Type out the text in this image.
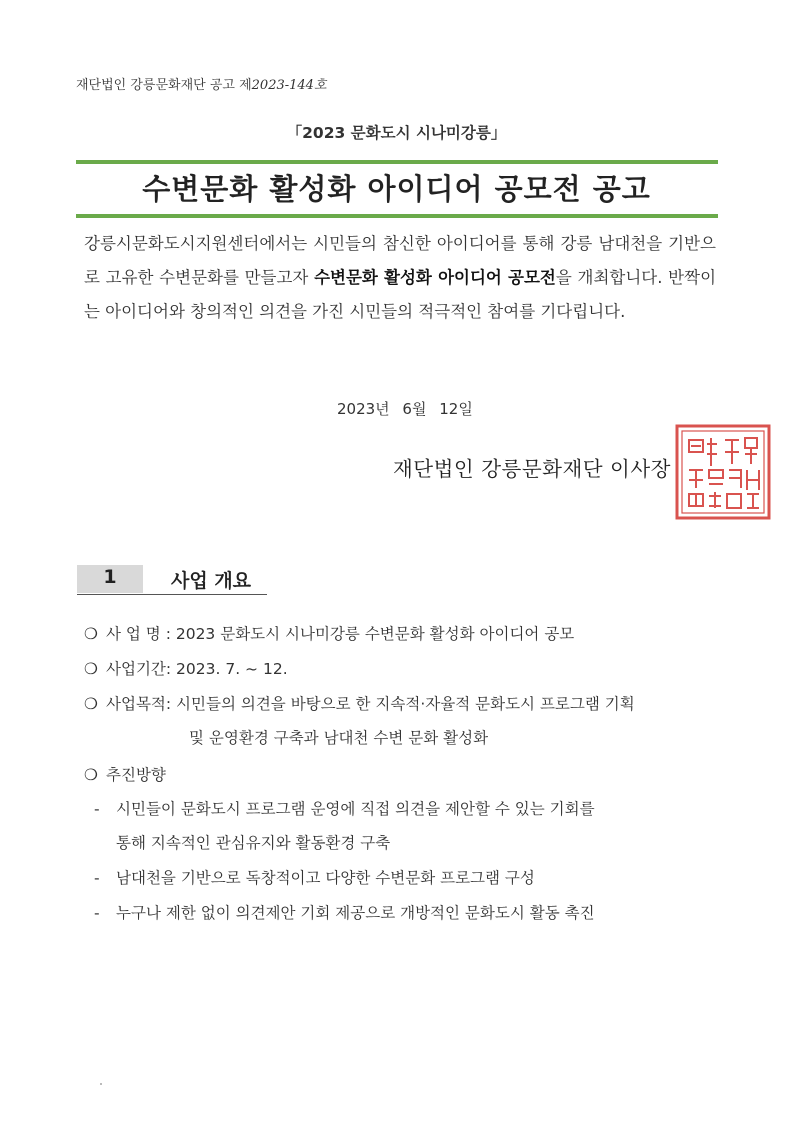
재단법인 강릉문화재단 공고 제2023-144호
「2023 문화도시 시나미강릉」
수변문화 활성화 아이디어 공모전 공고

강릉시문화도시지원센터에서는 시민들의 참신한 아이디어를 통해 강릉 남대천을 기반으로 고유한 수변문화를 만들고자 수변문화 활성화 아이디어 공모전을 개최합니다. 반짝이는 아이디어와 창의적인 의견을 가진 시민들의 적극적인 참여를 기다립니다.

2023년 6월 12일
재단법인 강릉문화재단 이사장
1	사업 개요
❍ 사 업 명 : 2023 문화도시 시나미강릉 수변문화 활성화 아이디어 공모
❍ 사업기간: 2023. 7. ~ 12.
❍ 사업목적: 시민들의 의견을 바탕으로 한 지속적·자율적 문화도시 프로그램 기획
및 운영환경 구축과 남대천 수변 문화 활성화
❍ 추진방향
- 시민들이 문화도시 프로그램 운영에 직접 의견을 제안할 수 있는 기회를
통해 지속적인 관심유지와 활동환경 구축
- 남대천을 기반으로 독창적이고 다양한 수변문화 프로그램 구성
- 누구나 제한 없이 의견제안 기회 제공으로 개방적인 문화도시 활동 촉진
